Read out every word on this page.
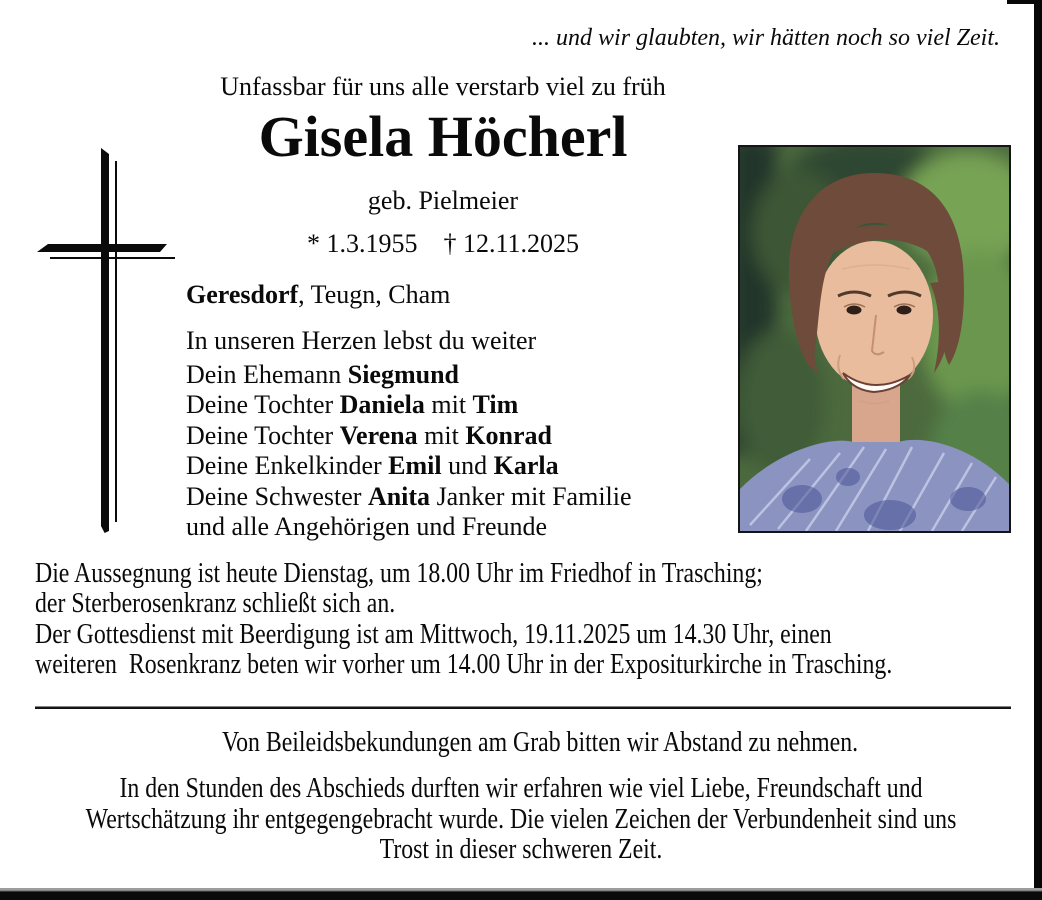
... und wir glaubten, wir hätten noch so viel Zeit.
Unfassbar für uns alle verstarb viel zu früh
Gisela Höcherl
geb. Pielmeier
* 1.3.1955 † 12.11.2025
Geresdorf, Teugn, Cham
In unseren Herzen lebst du weiter
Dein Ehemann Siegmund
Deine Tochter Daniela mit Tim
Deine Tochter Verena mit Konrad
Deine Enkelkinder Emil und Karla
Deine Schwester Anita Janker mit Familie
und alle Angehörigen und Freunde
Die Aussegnung ist heute Dienstag, um 18.00 Uhr im Friedhof in Trasching;
der Sterberosenkranz schließt sich an.
Der Gottesdienst mit Beerdigung ist am Mittwoch, 19.11.2025 um 14.30 Uhr, einen
weiteren  Rosenkranz beten wir vorher um 14.00 Uhr in der Expositurkirche in Trasching.
Von Beileidsbekundungen am Grab bitten wir Abstand zu nehmen.
In den Stunden des Abschieds durften wir erfahren wie viel Liebe, Freundschaft und
Wertschätzung ihr entgegengebracht wurde. Die vielen Zeichen der Verbundenheit sind uns
Trost in dieser schweren Zeit.
